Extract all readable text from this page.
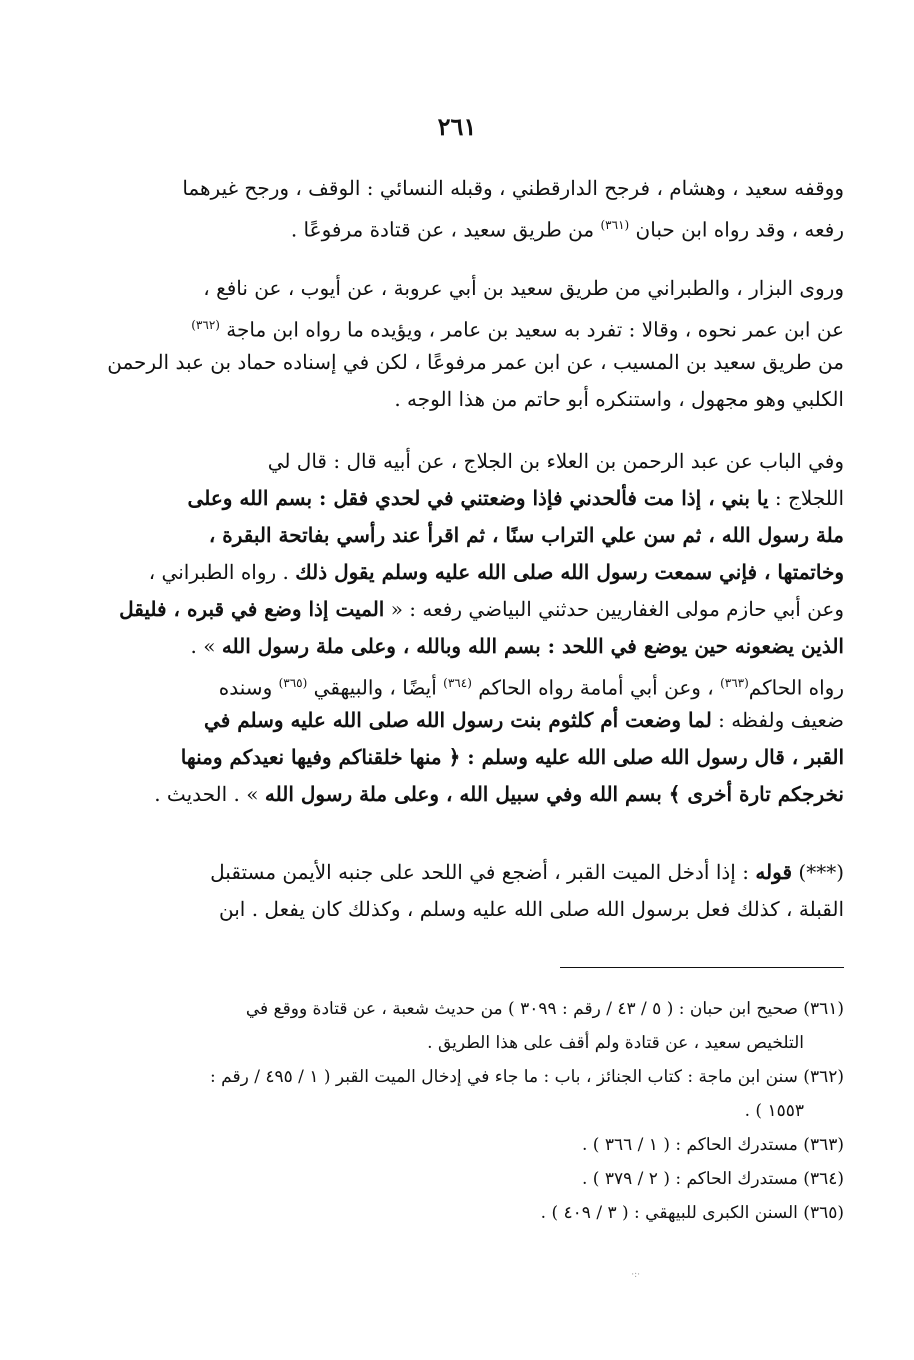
٢٦١
ووقفه سعيد ، وهشام ، فرجح الدارقطني ، وقبله النسائي : الوقف ، ورجح غيرهما
رفعه ، وقد رواه ابن حبان $^{(٣٦١)}$ من طريق سعيد ، عن قتادة مرفوعًا .
وروى البزار ، والطبراني من طريق سعيد بن أبي عروبة ، عن أيوب ، عن نافع ،
عن ابن عمر نحوه ، وقالا : تفرد به سعيد بن عامر ، ويؤيده ما رواه ابن ماجة $^{(٣٦٢)}$
من طريق سعيد بن المسيب ، عن ابن عمر مرفوعًا ، لكن في إسناده حماد بن عبد الرحمن
الكلبي وهو مجهول ، واستنكره أبو حاتم من هذا الوجه .
وفي الباب عن عبد الرحمن بن العلاء بن الجلاج ، عن أبيه قال : قال لي
اللجلاج : يا بني ، إذا مت فألحدني فإذا وضعتني في لحدي فقل : بسم الله وعلى
ملة رسول الله ، ثم سن علي التراب سنًا ، ثم اقرأ عند رأسي بفاتحة البقرة ،
وخاتمتها ، فإني سمعت رسول الله صلى الله عليه وسلم يقول ذلك . رواه الطبراني ،
وعن أبي حازم مولى الغفاريين حدثني البياضي رفعه : « الميت إذا وضع في قبره ، فليقل
الذين يضعونه حين يوضع في اللحد : بسم الله وبالله ، وعلى ملة رسول الله » .
رواه الحاكم$^{(٣٦٣)}$ ، وعن أبي أمامة رواه الحاكم $^{(٣٦٤)}$ أيضًا ، والبيهقي $^{(٣٦٥)}$ وسنده
ضعيف ولفظه : لما وضعت أم كلثوم بنت رسول الله صلى الله عليه وسلم في
القبر ، قال رسول الله صلى الله عليه وسلم : ﴿ منها خلقناكم وفيها نعيدكم ومنها
نخرجكم تارة أخرى ﴾ بسم الله وفي سبيل الله ، وعلى ملة رسول الله » . الحديث .
(***) قوله : إذا أدخل الميت القبر ، أضجع في اللحد على جنبه الأيمن مستقبل
القبلة ، كذلك فعل برسول الله صلى الله عليه وسلم ، وكذلك كان يفعل . ابن
(٣٦١) صحيح ابن حبان : ( ٥ / ٤٣ / رقم : ٣٠٩٩ ) من حديث شعبة ، عن قتادة ووقع في
التلخيص سعيد ، عن قتادة ولم أقف على هذا الطريق .
(٣٦٢) سنن ابن ماجة : كتاب الجنائز ، باب : ما جاء في إدخال الميت القبر ( ١ / ٤٩٥ / رقم :
١٥٥٣ ) .
(٣٦٣) مستدرك الحاكم : ( ١ / ٣٦٦ ) .
(٣٦٤) مستدرك الحاكم : ( ٢ / ٣٧٩ ) .
(٣٦٥) السنن الكبرى للبيهقي : ( ٣ / ٤٠٩ ) .
·:·
